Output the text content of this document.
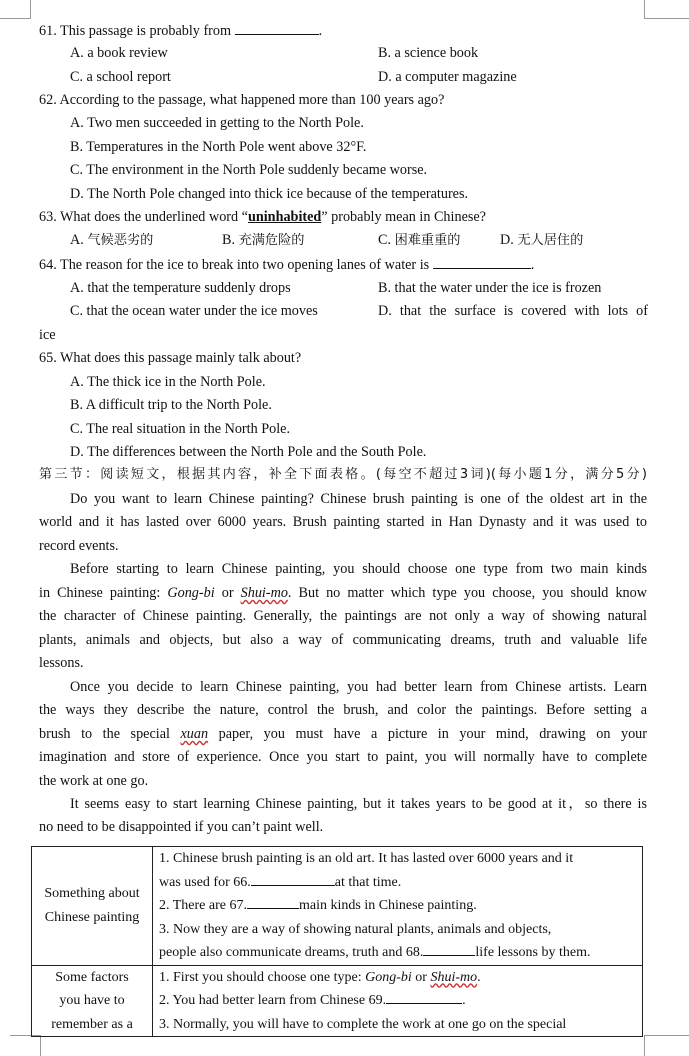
61. This passage is probably from	.
A. a book review	B. a science book
C. a school report	D. a computer magazine
62. According to the passage, what happened more than 100 years ago?
A. Two men succeeded in getting to the North Pole.
B. Temperatures in the North Pole went above 32°F.
C. The environment in the North Pole suddenly became worse.
D. The North Pole changed into thick ice because of the temperatures.
63. What does the underlined word “uninhabited” probably mean in Chinese?
A. 气候恶劣的	B. 充满危险的	C. 困难重重的	D. 无人居住的
64. The reason for the ice to break into two opening lanes of water is	.
A. that the temperature suddenly drops	B. that the water under the ice is frozen
C. that the ocean water under the ice moves	D. that the surface is covered with lots of
ice
65. What does this passage mainly talk about?
A. The thick ice in the North Pole.
B. A difficult trip to the North Pole.
C. The real situation in the North Pole.
D. The differences between the North Pole and the South Pole.
第三节：阅读短文，根据其内容，补全下面表格。(每空不超过3词)(每小题1分，满分5分)
Do you want to learn Chinese painting? Chinese brush painting is one of the oldest art in the
world and it has lasted over 6000 years. Brush painting started in Han Dynasty and it was used to
record events.
Before starting to learn Chinese painting, you should choose one type from two main kinds
in Chinese painting: Gong-bi or Shui-mo. But no matter which type you choose, you should know
the character of Chinese painting. Generally, the paintings are not only a way of showing natural
plants, animals and objects, but also a way of communicating dreams, truth and valuable life
lessons.
Once you decide to learn Chinese painting, you had better learn from Chinese artists. Learn
the ways they describe the nature, control the brush, and color the paintings. Before setting a
brush to the special xuan paper, you must have a picture in your mind, drawing on your
imagination and store of experience. Once you start to paint, you will normally have to complete
the work at one go.
It seems easy to start learning Chinese painting, but it takes years to be good at it，so there is
no need to be disappointed if you can’t paint well.
Something about
Chinese painting	1. Chinese brush painting is an old art. It has lasted over 6000 years and it
was used for 66. at that time.
2. There are 67. main kinds in Chinese painting.
3. Now they are a way of showing natural plants, animals and objects,
people also communicate dreams, truth and 68. life lessons by them.

Some factors
you have to
remember as a	1. First you should choose one type: Gong-bi or Shui-mo.
2. You had better learn from Chinese 69. .
3. Normally, you will have to complete the work at one go on the special
